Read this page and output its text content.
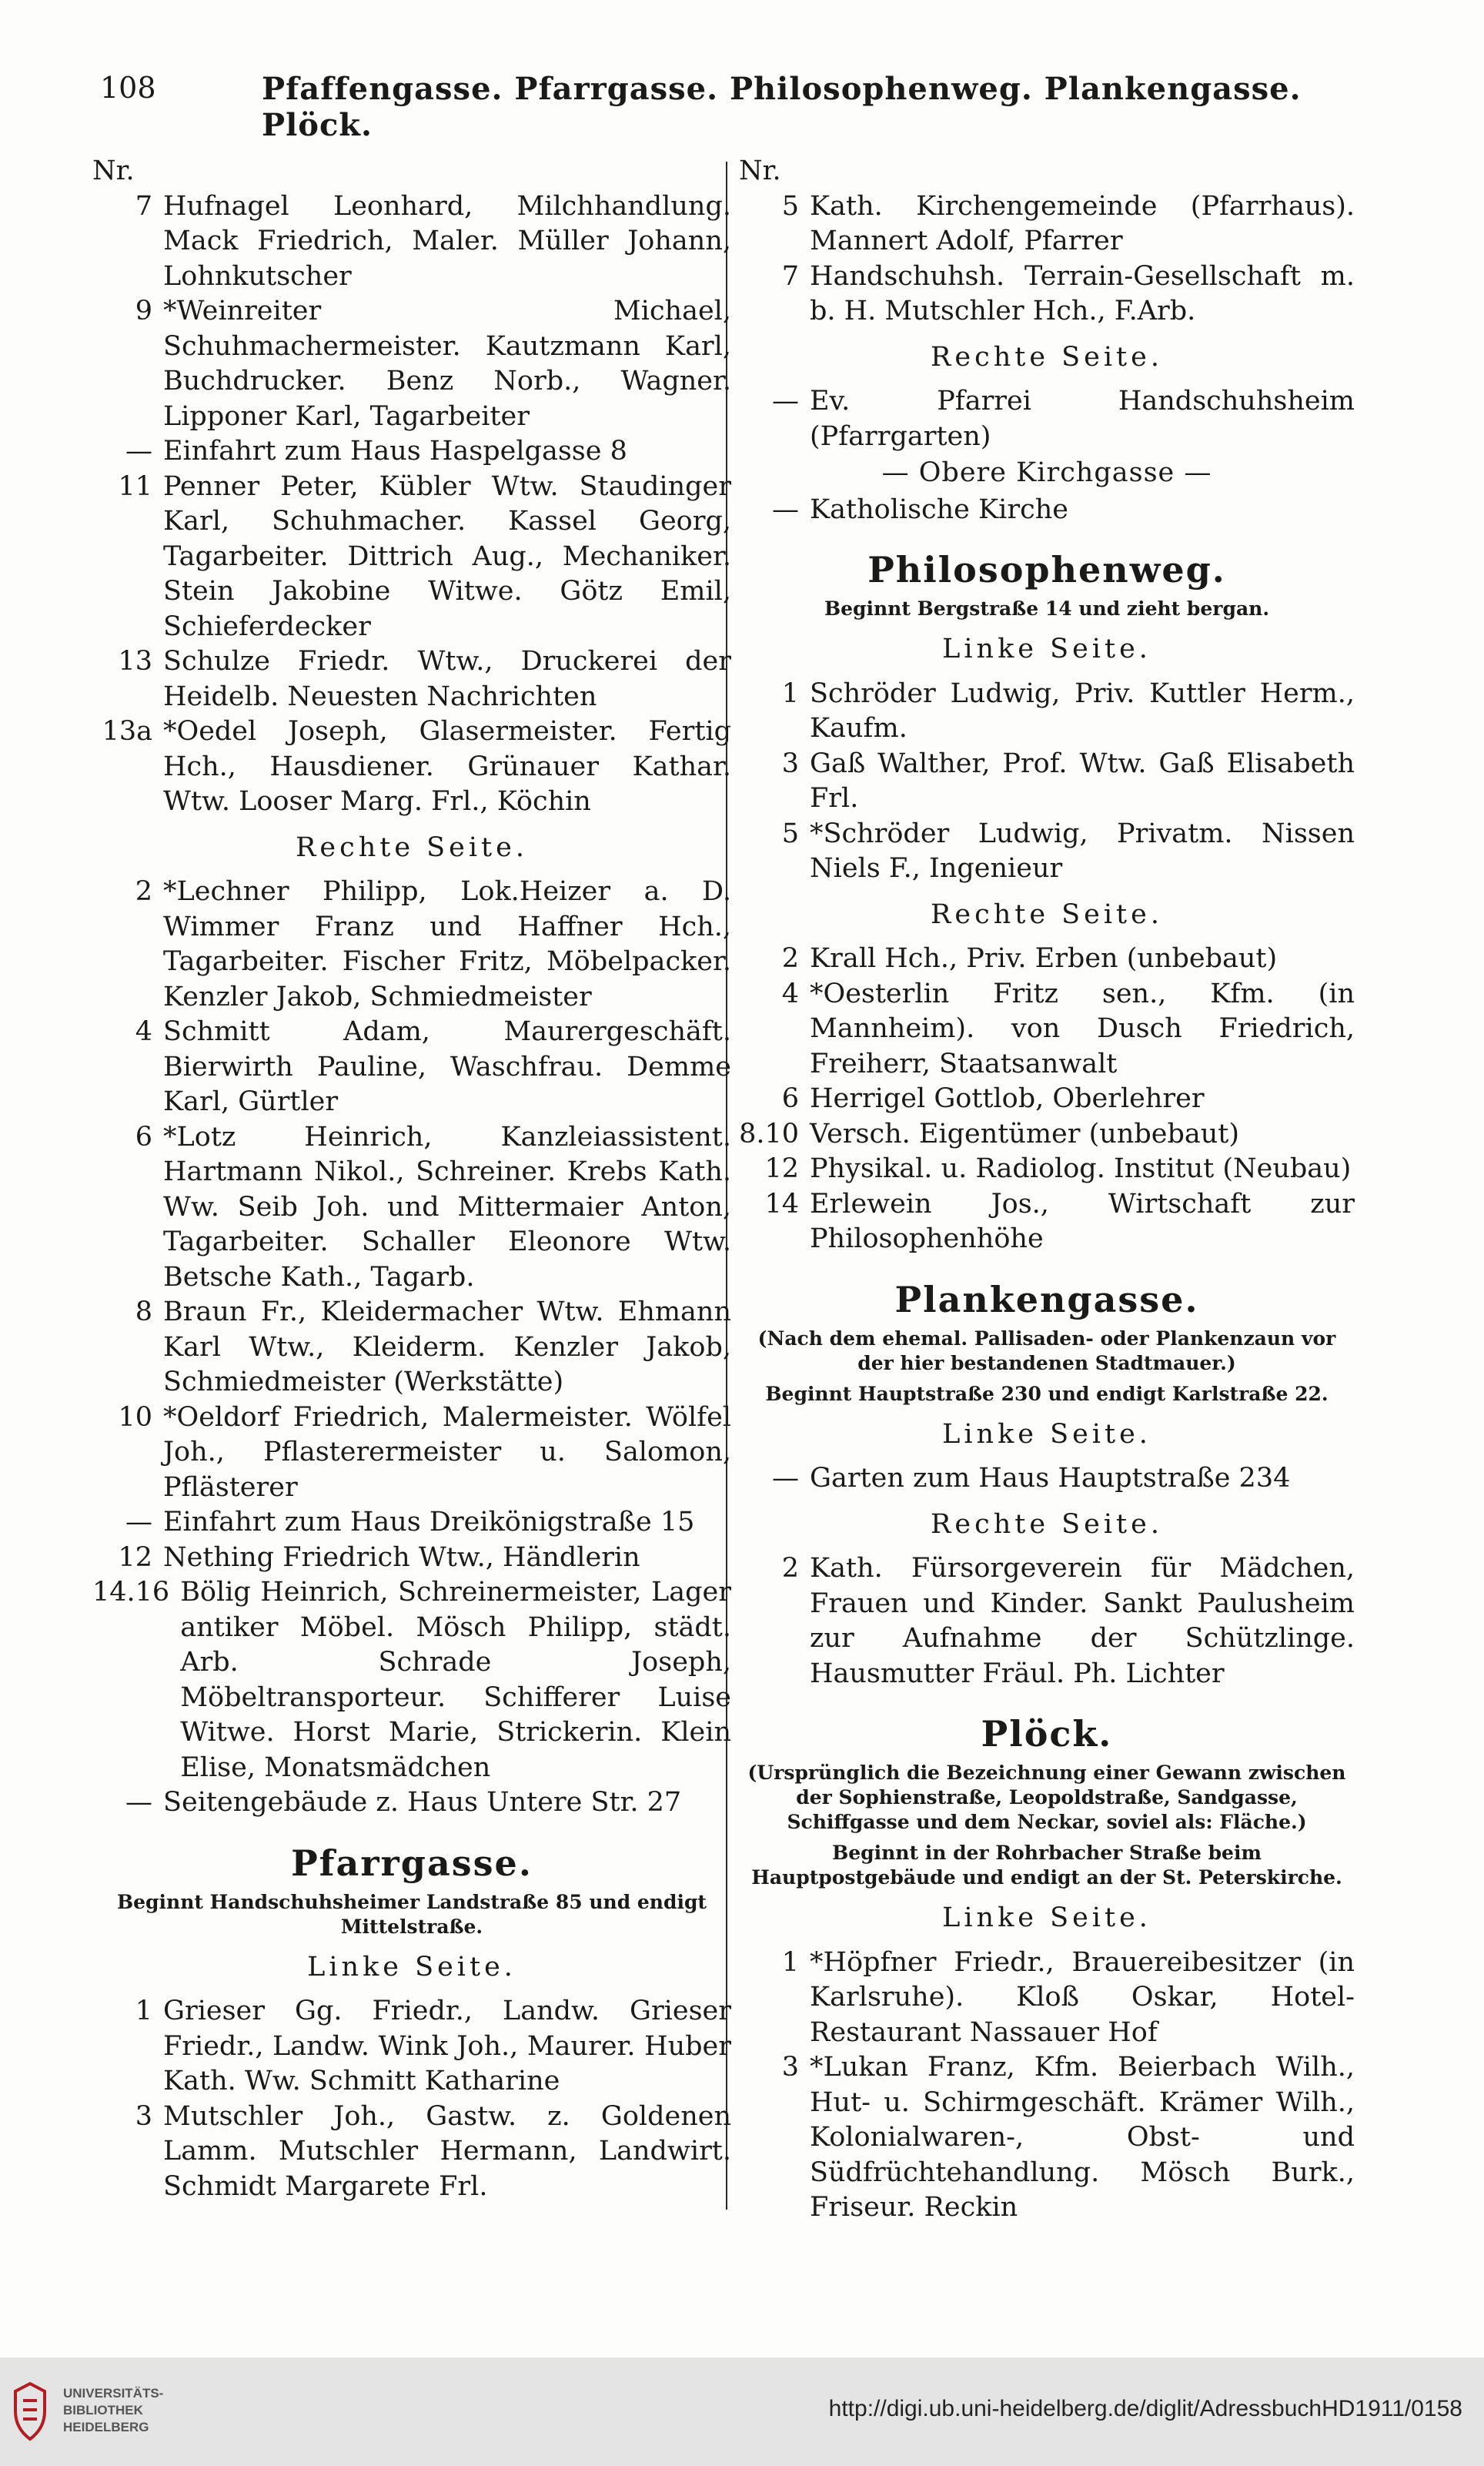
108	Pfaffengasse. Pfarrgasse. Philosophenweg. Plankengasse. Plöck.
Nr.
7 Hufnagel Leonhard, Milchhandlung. Mack Friedrich, Maler. Müller Johann, Lohnkutscher
9 *Weinreiter Michael, Schuhmachermeister. Kautzmann Karl, Buchdrucker. Benz Norb., Wagner. Lipponer Karl, Tagarbeiter
— Einfahrt zum Haus Haspelgasse 8
11 Penner Peter, Kübler Wtw. Staudinger Karl, Schuhmacher. Kassel Georg, Tagarbeiter. Dittrich Aug., Mechaniker. Stein Jakobine Witwe. Götz Emil, Schieferdecker
13 Schulze Friedr. Wtw., Druckerei der Heidelb. Neuesten Nachrichten
13a *Oedel Joseph, Glasermeister. Fertig Hch., Hausdiener. Grünauer Kathar. Wtw. Looser Marg. Frl., Köchin
Rechte Seite.
2 *Lechner Philipp, Lok.Heizer a. D. Wimmer Franz und Haffner Hch., Tagarbeiter. Fischer Fritz, Möbelpacker. Kenzler Jakob, Schmiedmeister
4 Schmitt Adam, Maurergeschäft. Bierwirth Pauline, Waschfrau. Demme Karl, Gürtler
6 *Lotz Heinrich, Kanzleiassistent. Hartmann Nikol., Schreiner. Krebs Kath. Ww. Seib Joh. und Mittermaier Anton, Tagarbeiter. Schaller Eleonore Wtw. Betsche Kath., Tagarb.
8 Braun Fr., Kleidermacher Wtw. Ehmann Karl Wtw., Kleiderm. Kenzler Jakob, Schmiedmeister (Werkstätte)
10 *Oeldorf Friedrich, Malermeister. Wölfel Joh., Pflasterermeister u. Salomon, Pflästerer
— Einfahrt zum Haus Dreikönigstraße 15
12 Nething Friedrich Wtw., Händlerin
14.16 Bölig Heinrich, Schreinermeister, Lager antiker Möbel. Mösch Philipp, städt. Arb. Schrade Joseph, Möbeltransporteur. Schifferer Luise Witwe. Horst Marie, Strickerin. Klein Elise, Monatsmädchen
— Seitengebäude z. Haus Untere Str. 27
Pfarrgasse.
Beginnt Handschuhsheimer Landstraße 85 und endigt Mittelstraße.
Linke Seite.
1 Grieser Gg. Friedr., Landw. Grieser Friedr., Landw. Wink Joh., Maurer. Huber Kath. Ww. Schmitt Katharine
3 Mutschler Joh., Gastw. z. Goldenen Lamm. Mutschler Hermann, Landwirt. Schmidt Margarete Frl.
Nr.
5 Kath. Kirchengemeinde (Pfarrhaus). Mannert Adolf, Pfarrer
7 Handschuhsh. Terrain-Gesellschaft m. b. H. Mutschler Hch., F.Arb.
Rechte Seite.
— Ev. Pfarrei Handschuhsheim (Pfarrgarten)
— Obere Kirchgasse —
— Katholische Kirche
Philosophenweg.
Beginnt Bergstraße 14 und zieht bergan.
Linke Seite.
1 Schröder Ludwig, Priv. Kuttler Herm., Kaufm.
3 Gaß Walther, Prof. Wtw. Gaß Elisabeth Frl.
5 *Schröder Ludwig, Privatm. Nissen Niels F., Ingenieur
Rechte Seite.
2 Krall Hch., Priv. Erben (unbebaut)
4 *Oesterlin Fritz sen., Kfm. (in Mannheim). von Dusch Friedrich, Freiherr, Staatsanwalt
6 Herrigel Gottlob, Oberlehrer
8.10 Versch. Eigentümer (unbebaut)
12 Physikal. u. Radiolog. Institut (Neubau)
14 Erlewein Jos., Wirtschaft zur Philosophenhöhe
Plankengasse.
(Nach dem ehemal. Pallisaden- oder Plankenzaun vor der hier bestandenen Stadtmauer.)
Beginnt Hauptstraße 230 und endigt Karlstraße 22.
Linke Seite.
— Garten zum Haus Hauptstraße 234
Rechte Seite.
2 Kath. Fürsorgeverein für Mädchen, Frauen und Kinder. Sankt Paulusheim zur Aufnahme der Schützlinge. Hausmutter Fräul. Ph. Lichter
Plöck.
(Ursprünglich die Bezeichnung einer Gewann zwischen der Sophienstraße, Leopoldstraße, Sandgasse, Schiffgasse und dem Neckar, soviel als: Fläche.)
Beginnt in der Rohrbacher Straße beim Hauptpostgebäude und endigt an der St. Peterskirche.
Linke Seite.
1 *Höpfner Friedr., Brauereibesitzer (in Karlsruhe). Kloß Oskar, Hotel-Restaurant Nassauer Hof
3 *Lukan Franz, Kfm. Beierbach Wilh., Hut- u. Schirmgeschäft. Krämer Wilh., Kolonialwaren-, Obst- und Südfrüchtehandlung. Mösch Burk., Friseur. Reckin
UNIVERSITÄTS-
BIBLIOTHEK
HEIDELBERG
http://digi.ub.uni-heidelberg.de/diglit/AdressbuchHD1911/0158
